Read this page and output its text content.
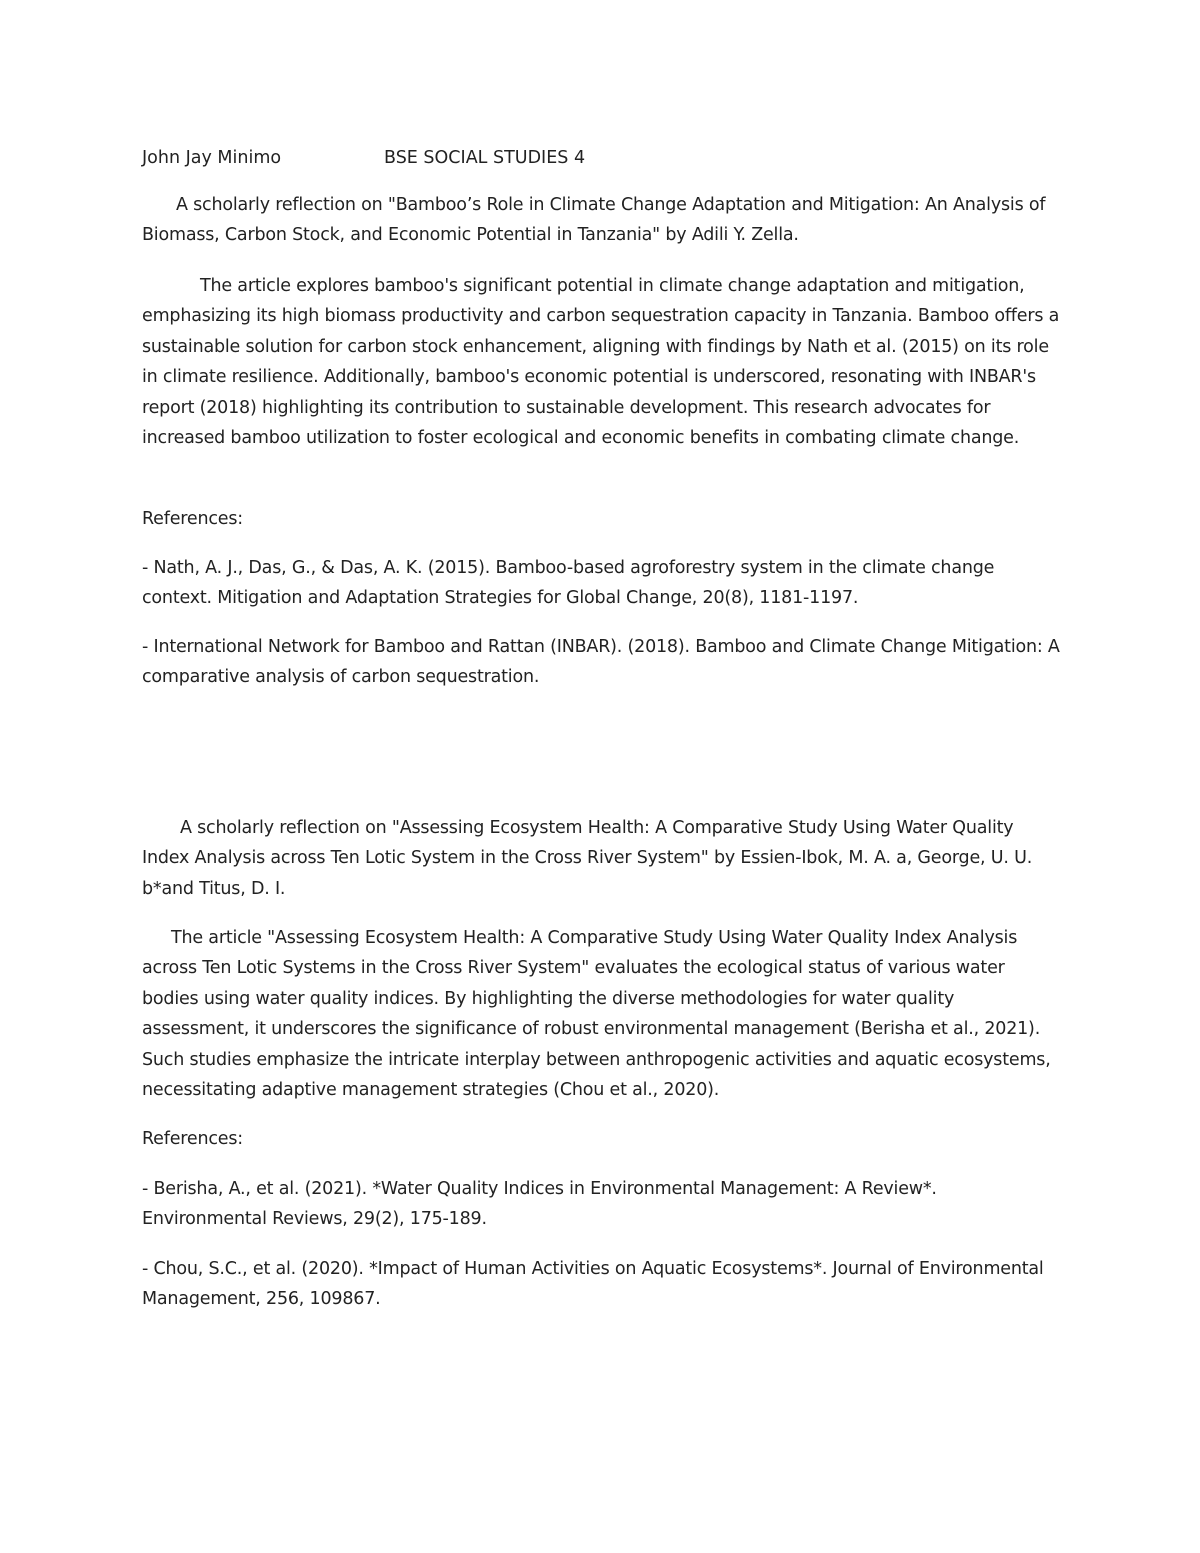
John Jay Minimo	BSE SOCIAL STUDIES 4

A scholarly reflection on "Bamboo’s Role in Climate Change Adaptation and Mitigation: An Analysis of Biomass, Carbon Stock, and Economic Potential in Tanzania" by Adili Y. Zella.

The article explores bamboo's significant potential in climate change adaptation and mitigation, emphasizing its high biomass productivity and carbon sequestration capacity in Tanzania. Bamboo offers a sustainable solution for carbon stock enhancement, aligning with findings by Nath et al. (2015) on its role in climate resilience. Additionally, bamboo's economic potential is underscored, resonating with INBAR's report (2018) highlighting its contribution to sustainable development. This research advocates for increased bamboo utilization to foster ecological and economic benefits in combating climate change.

References:

- Nath, A. J., Das, G., & Das, A. K. (2015). Bamboo-based agroforestry system in the climate change context. Mitigation and Adaptation Strategies for Global Change, 20(8), 1181-1197.

- International Network for Bamboo and Rattan (INBAR). (2018). Bamboo and Climate Change Mitigation: A comparative analysis of carbon sequestration.

A scholarly reflection on "Assessing Ecosystem Health: A Comparative Study Using Water Quality Index Analysis across Ten Lotic System in the Cross River System" by Essien-Ibok, M. A. a, George, U. U. b*and Titus, D. I.

The article "Assessing Ecosystem Health: A Comparative Study Using Water Quality Index Analysis across Ten Lotic Systems in the Cross River System" evaluates the ecological status of various water bodies using water quality indices. By highlighting the diverse methodologies for water quality assessment, it underscores the significance of robust environmental management (Berisha et al., 2021). Such studies emphasize the intricate interplay between anthropogenic activities and aquatic ecosystems, necessitating adaptive management strategies (Chou et al., 2020).

References:

- Berisha, A., et al. (2021). *Water Quality Indices in Environmental Management: A Review*. Environmental Reviews, 29(2), 175-189.

- Chou, S.C., et al. (2020). *Impact of Human Activities on Aquatic Ecosystems*. Journal of Environmental Management, 256, 109867.
